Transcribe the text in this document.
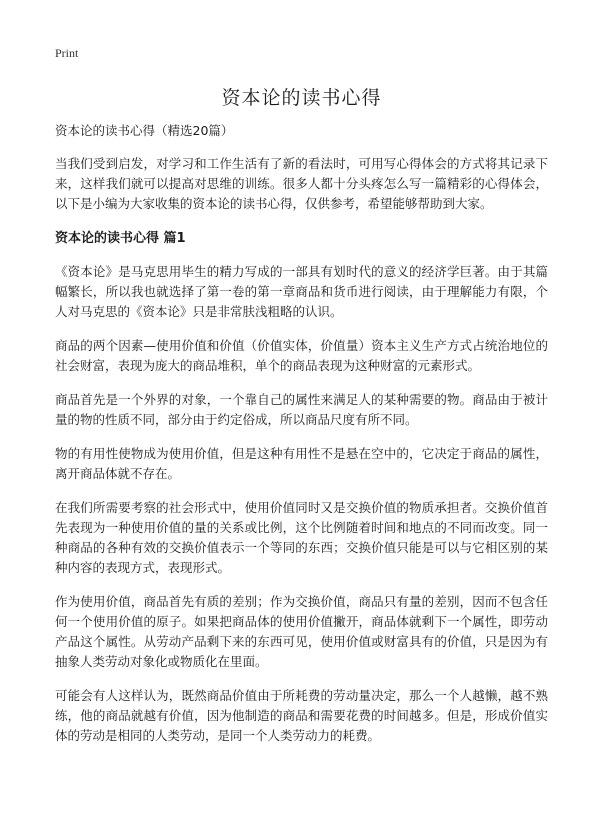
Print

资本论的读书心得

资本论的读书心得（精选20篇）

当我们受到启发，对学习和工作生活有了新的看法时，可用写心得体会的方式将其记录下来，这样我们就可以提高对思维的训练。很多人都十分头疼怎么写一篇精彩的心得体会，以下是小编为大家收集的资本论的读书心得，仅供参考，希望能够帮助到大家。

资本论的读书心得 篇1

《资本论》是马克思用毕生的精力写成的一部具有划时代的意义的经济学巨著。由于其篇幅繁长，所以我也就选择了第一卷的第一章商品和货币进行阅读，由于理解能力有限，个人对马克思的《资本论》只是非常肤浅粗略的认识。

商品的两个因素—使用价值和价值（价值实体，价值量）资本主义生产方式占统治地位的社会财富，表现为庞大的商品堆积，单个的商品表现为这种财富的元素形式。

商品首先是一个外界的对象，一个靠自己的属性来满足人的某种需要的物。商品由于被计量的物的性质不同，部分由于约定俗成，所以商品尺度有所不同。

物的有用性使物成为使用价值，但是这种有用性不是悬在空中的，它决定于商品的属性，离开商品体就不存在。

在我们所需要考察的社会形式中，使用价值同时又是交换价值的物质承担者。交换价值首先表现为一种使用价值的量的关系或比例，这个比例随着时间和地点的不同而改变。同一种商品的各种有效的交换价值表示一个等同的东西；交换价值只能是可以与它相区别的某种内容的表现方式，表现形式。

作为使用价值，商品首先有质的差别；作为交换价值，商品只有量的差别，因而不包含任何一个使用价值的原子。如果把商品体的使用价值撇开，商品体就剩下一个属性，即劳动产品这个属性。从劳动产品剩下来的东西可见，使用价值或财富具有的价值，只是因为有抽象人类劳动对象化或物质化在里面。

可能会有人这样认为，既然商品价值由于所耗费的劳动量决定，那么一个人越懒，越不熟练，他的商品就越有价值，因为他制造的商品和需要花费的时间越多。但是，形成价值实体的劳动是相同的人类劳动，是同一个人类劳动力的耗费。
